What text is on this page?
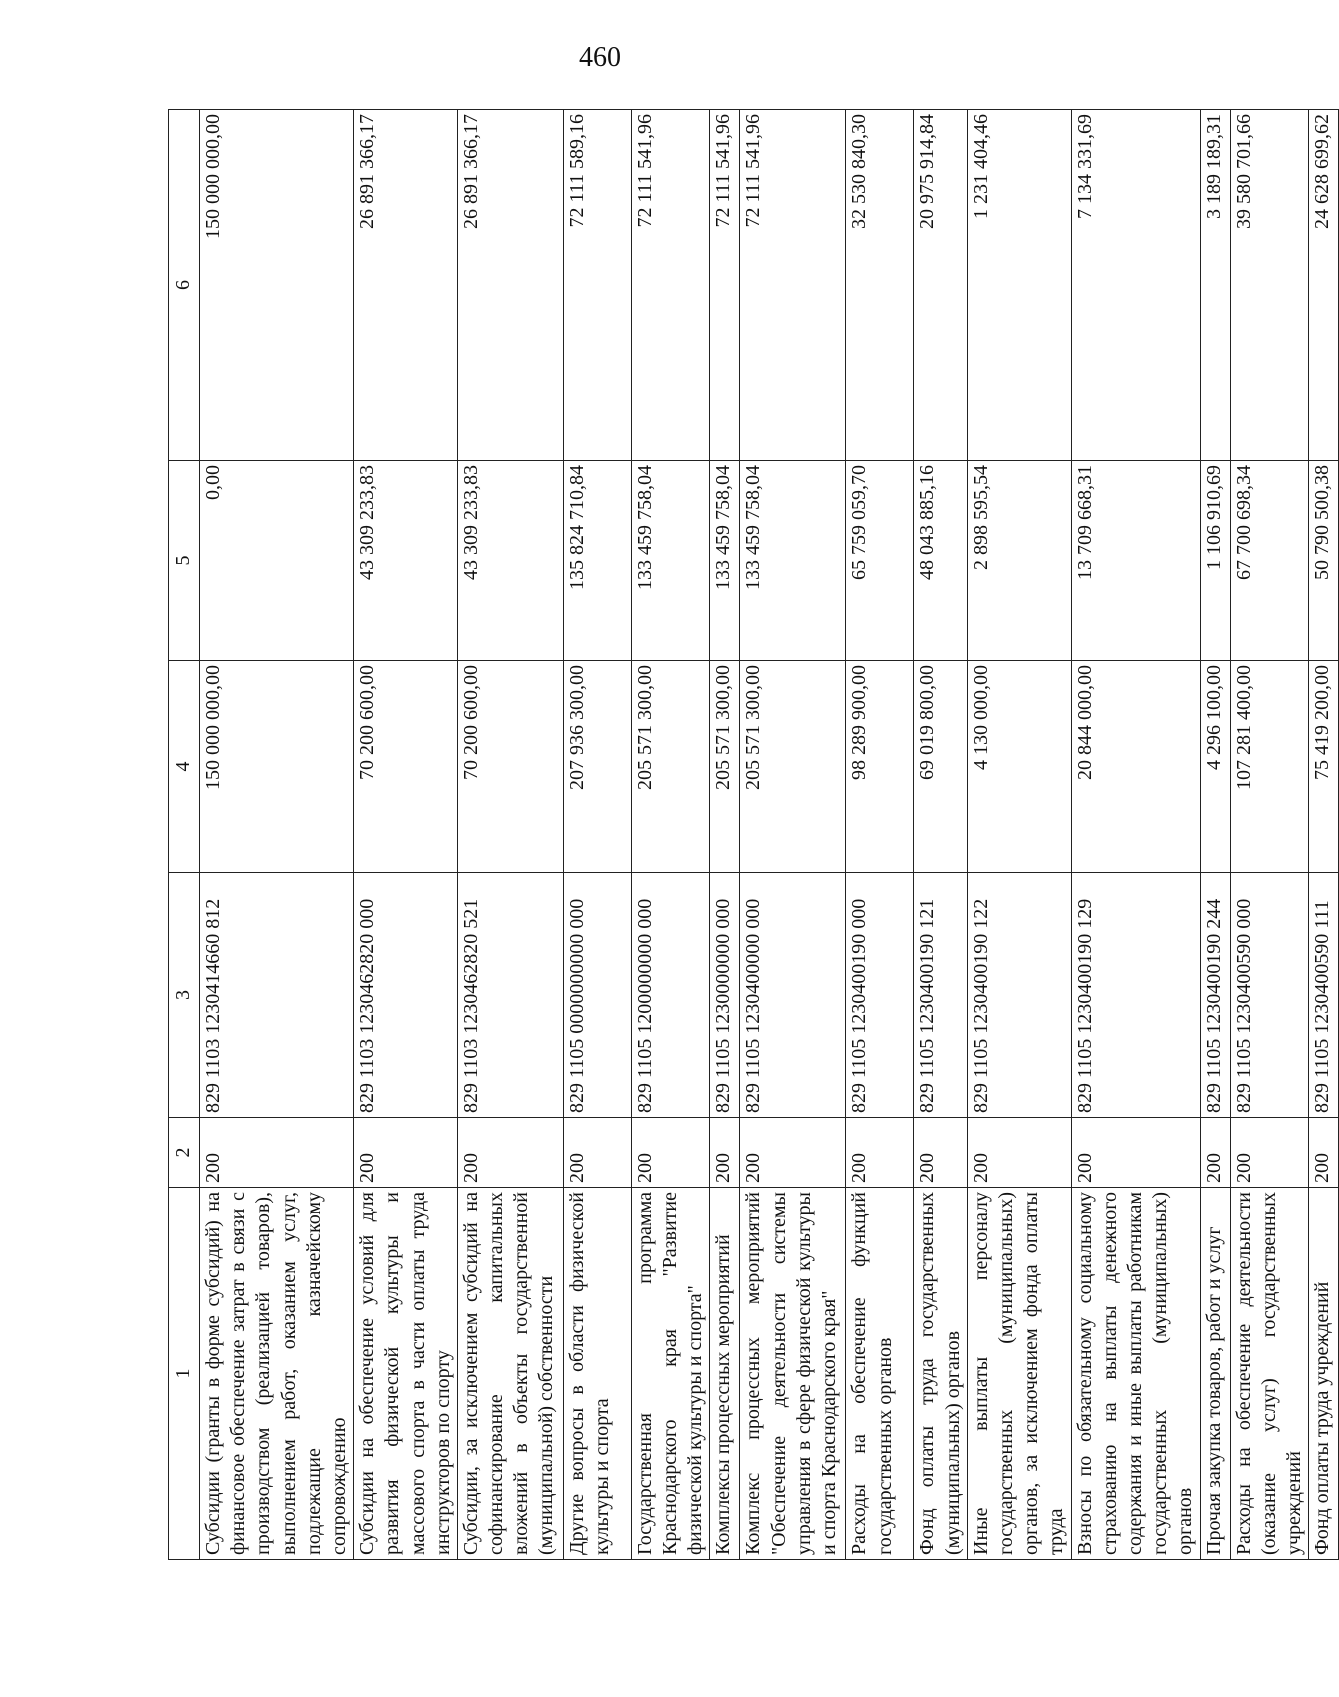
460
1	2	3	4	5	6
Субсидии (гранты в форме субсидий) на финансовое обеспечение затрат в связи с производством (реализацией товаров), выполнением работ, оказанием услуг, подлежащие казначейскому сопровождению	200	829 1103 1230414660 812	150 000 000,00	0,00	150 000 000,00
Субсидии на обеспечение условий для развития физической культуры и массового спорта в части оплаты труда инструкторов по спорту	200	829 1103 1230462820 000	70 200 600,00	43 309 233,83	26 891 366,17
Субсидии, за исключением субсидий на софинансирование капитальных вложений в объекты государственной (муниципальной) собственности	200	829 1103 1230462820 521	70 200 600,00	43 309 233,83	26 891 366,17
Другие вопросы в области физической культуры и спорта	200	829 1105 0000000000 000	207 936 300,00	135 824 710,84	72 111 589,16
Государственная программа Краснодарского края "Развитие физической культуры и спорта"	200	829 1105 1200000000 000	205 571 300,00	133 459 758,04	72 111 541,96
Комплексы процессных мероприятий	200	829 1105 1230000000 000	205 571 300,00	133 459 758,04	72 111 541,96
Комплекс процессных мероприятий "Обеспечение деятельности системы управления в сфере физической культуры и спорта Краснодарского края"	200	829 1105 1230400000 000	205 571 300,00	133 459 758,04	72 111 541,96
Расходы на обеспечение функций государственных органов	200	829 1105 1230400190 000	98 289 900,00	65 759 059,70	32 530 840,30
Фонд оплаты труда государственных (муниципальных) органов	200	829 1105 1230400190 121	69 019 800,00	48 043 885,16	20 975 914,84
Иные выплаты персоналу государственных (муниципальных) органов, за исключением фонда оплаты труда	200	829 1105 1230400190 122	4 130 000,00	2 898 595,54	1 231 404,46
Взносы по обязательному социальному страхованию на выплаты денежного содержания и иные выплаты работникам государственных (муниципальных) органов	200	829 1105 1230400190 129	20 844 000,00	13 709 668,31	7 134 331,69
Прочая закупка товаров, работ и услуг	200	829 1105 1230400190 244	4 296 100,00	1 106 910,69	3 189 189,31
Расходы на обеспечение деятельности (оказание услуг) государственных учреждений	200	829 1105 1230400590 000	107 281 400,00	67 700 698,34	39 580 701,66
Фонд оплаты труда учреждений	200	829 1105 1230400590 111	75 419 200,00	50 790 500,38	24 628 699,62
